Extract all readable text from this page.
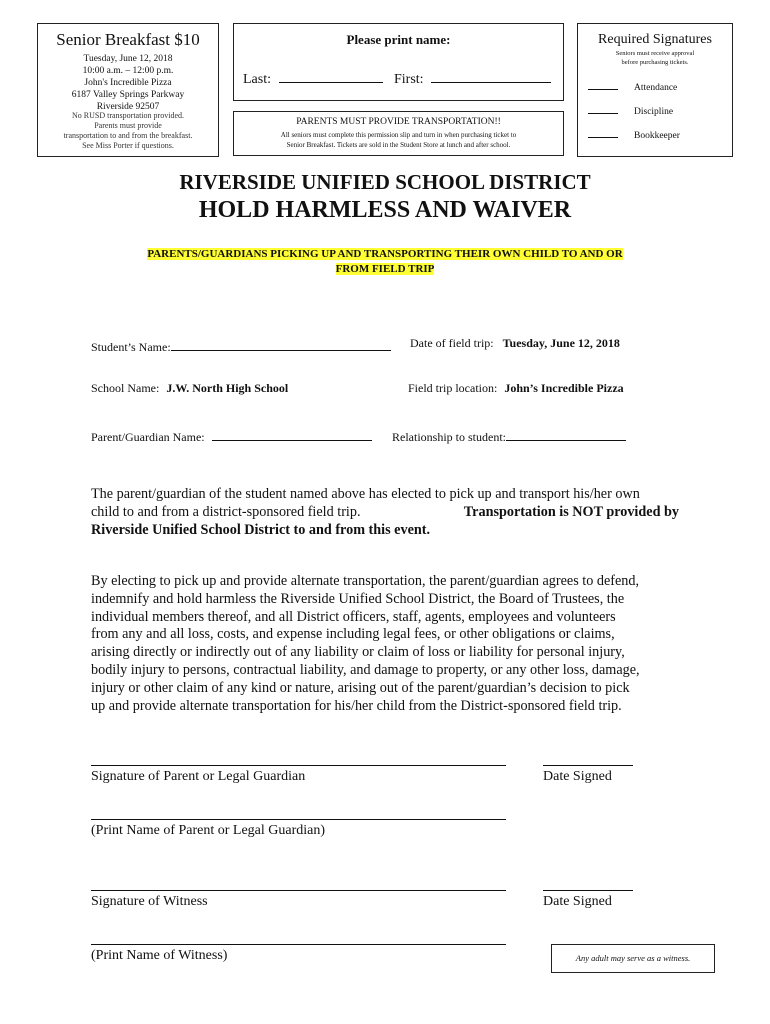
Senior Breakfast $10
Tuesday, June 12, 2018
10:00 a.m. – 12:00 p.m.
John's Incredible Pizza
6187 Valley Springs Parkway
Riverside 92507
No RUSD transportation provided.
Parents must provide
transportation to and from the breakfast.
See Miss Porter if questions.
Please print name:
Last:	First:
PARENTS MUST PROVIDE TRANSPORTATION!!
All seniors must complete this permission slip and turn in when purchasing ticket to
Senior Breakfast. Tickets are sold in the Student Store at lunch and after school.
Required Signatures
Seniors must receive approval
before purchasing tickets.
Attendance
Discipline
Bookkeeper
RIVERSIDE UNIFIED SCHOOL DISTRICT
HOLD HARMLESS AND WAIVER
PARENTS/GUARDIANS PICKING UP AND TRANSPORTING THEIR OWN CHILD TO AND OR
FROM FIELD TRIP
Student’s Name:	Date of field trip: Tuesday, June 12, 2018
School Name: J.W. North High School	Field trip location: John’s Incredible Pizza
Parent/Guardian Name:	Relationship to student:
The parent/guardian of the student named above has elected to pick up and transport his/her own
child to and from a district-sponsored field trip.	Transportation is NOT provided by
Riverside Unified School District to and from this event.
By electing to pick up and provide alternate transportation, the parent/guardian agrees to defend,
indemnify and hold harmless the Riverside Unified School District, the Board of Trustees, the
individual members thereof, and all District officers, staff, agents, employees and volunteers
from any and all loss, costs, and expense including legal fees, or other obligations or claims,
arising directly or indirectly out of any liability or claim of loss or liability for personal injury,
bodily injury to persons, contractual liability, and damage to property, or any other loss, damage,
injury or other claim of any kind or nature, arising out of the parent/guardian’s decision to pick
up and provide alternate transportation for his/her child from the District-sponsored field trip.
Signature of Parent or Legal Guardian	Date Signed
(Print Name of Parent or Legal Guardian)
Signature of Witness	Date Signed
(Print Name of Witness)	Any adult may serve as a witness.
